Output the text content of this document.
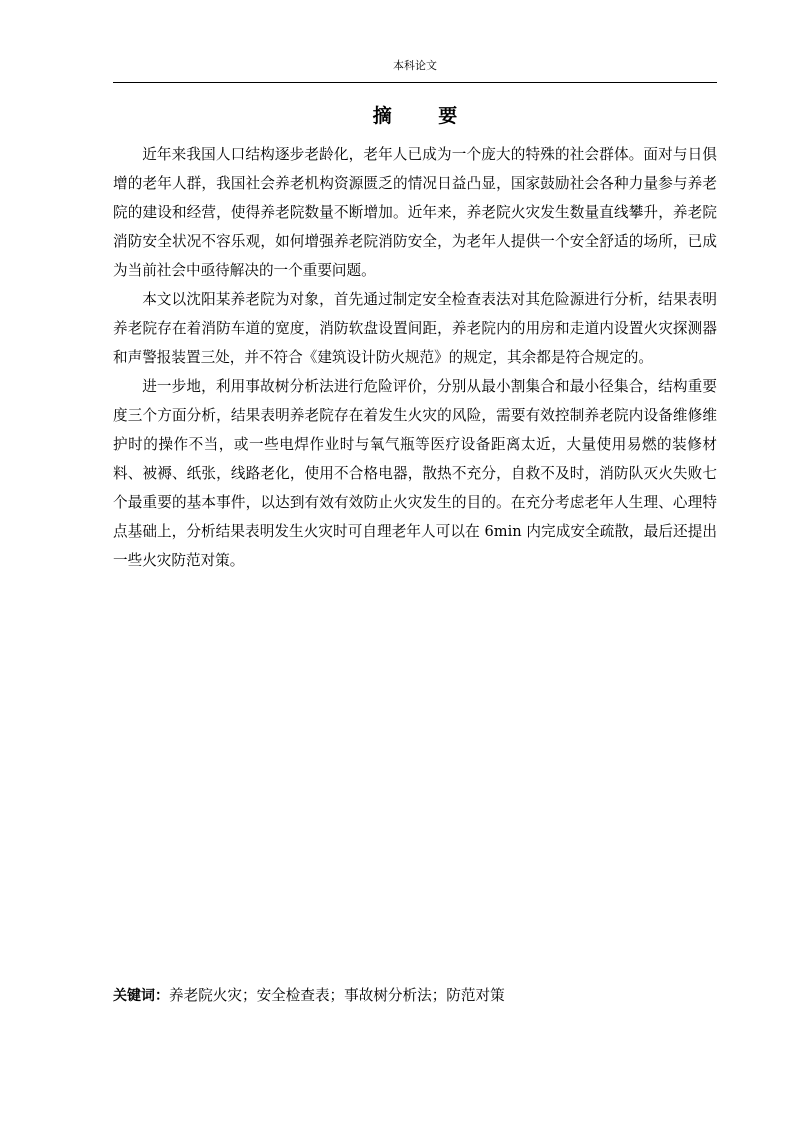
本科论文
摘 要

近年来我国人口结构逐步老龄化，老年人已成为一个庞大的特殊的社会群体。面对与日俱增的老年人群，我国社会养老机构资源匮乏的情况日益凸显，国家鼓励社会各种力量参与养老院的建设和经营，使得养老院数量不断增加。近年来，养老院火灾发生数量直线攀升，养老院消防安全状况不容乐观，如何增强养老院消防安全，为老年人提供一个安全舒适的场所，已成为当前社会中亟待解决的一个重要问题。

本文以沈阳某养老院为对象，首先通过制定安全检查表法对其危险源进行分析，结果表明养老院存在着消防车道的宽度，消防软盘设置间距，养老院内的用房和走道内设置火灾探测器和声警报装置三处，并不符合《建筑设计防火规范》的规定，其余都是符合规定的。

进一步地，利用事故树分析法进行危险评价，分别从最小割集合和最小径集合，结构重要度三个方面分析，结果表明养老院存在着发生火灾的风险，需要有效控制养老院内设备维修维护时的操作不当，或一些电焊作业时与氧气瓶等医疗设备距离太近，大量使用易燃的装修材料、被褥、纸张，线路老化，使用不合格电器，散热不充分，自救不及时，消防队灭火失败七个最重要的基本事件，以达到有效有效防止火灾发生的目的。在充分考虑老年人生理、心理特点基础上，分析结果表明发生火灾时可自理老年人可以在 6min 内完成安全疏散，最后还提出一些火灾防范对策。

关键词：养老院火灾；安全检查表；事故树分析法；防范对策
